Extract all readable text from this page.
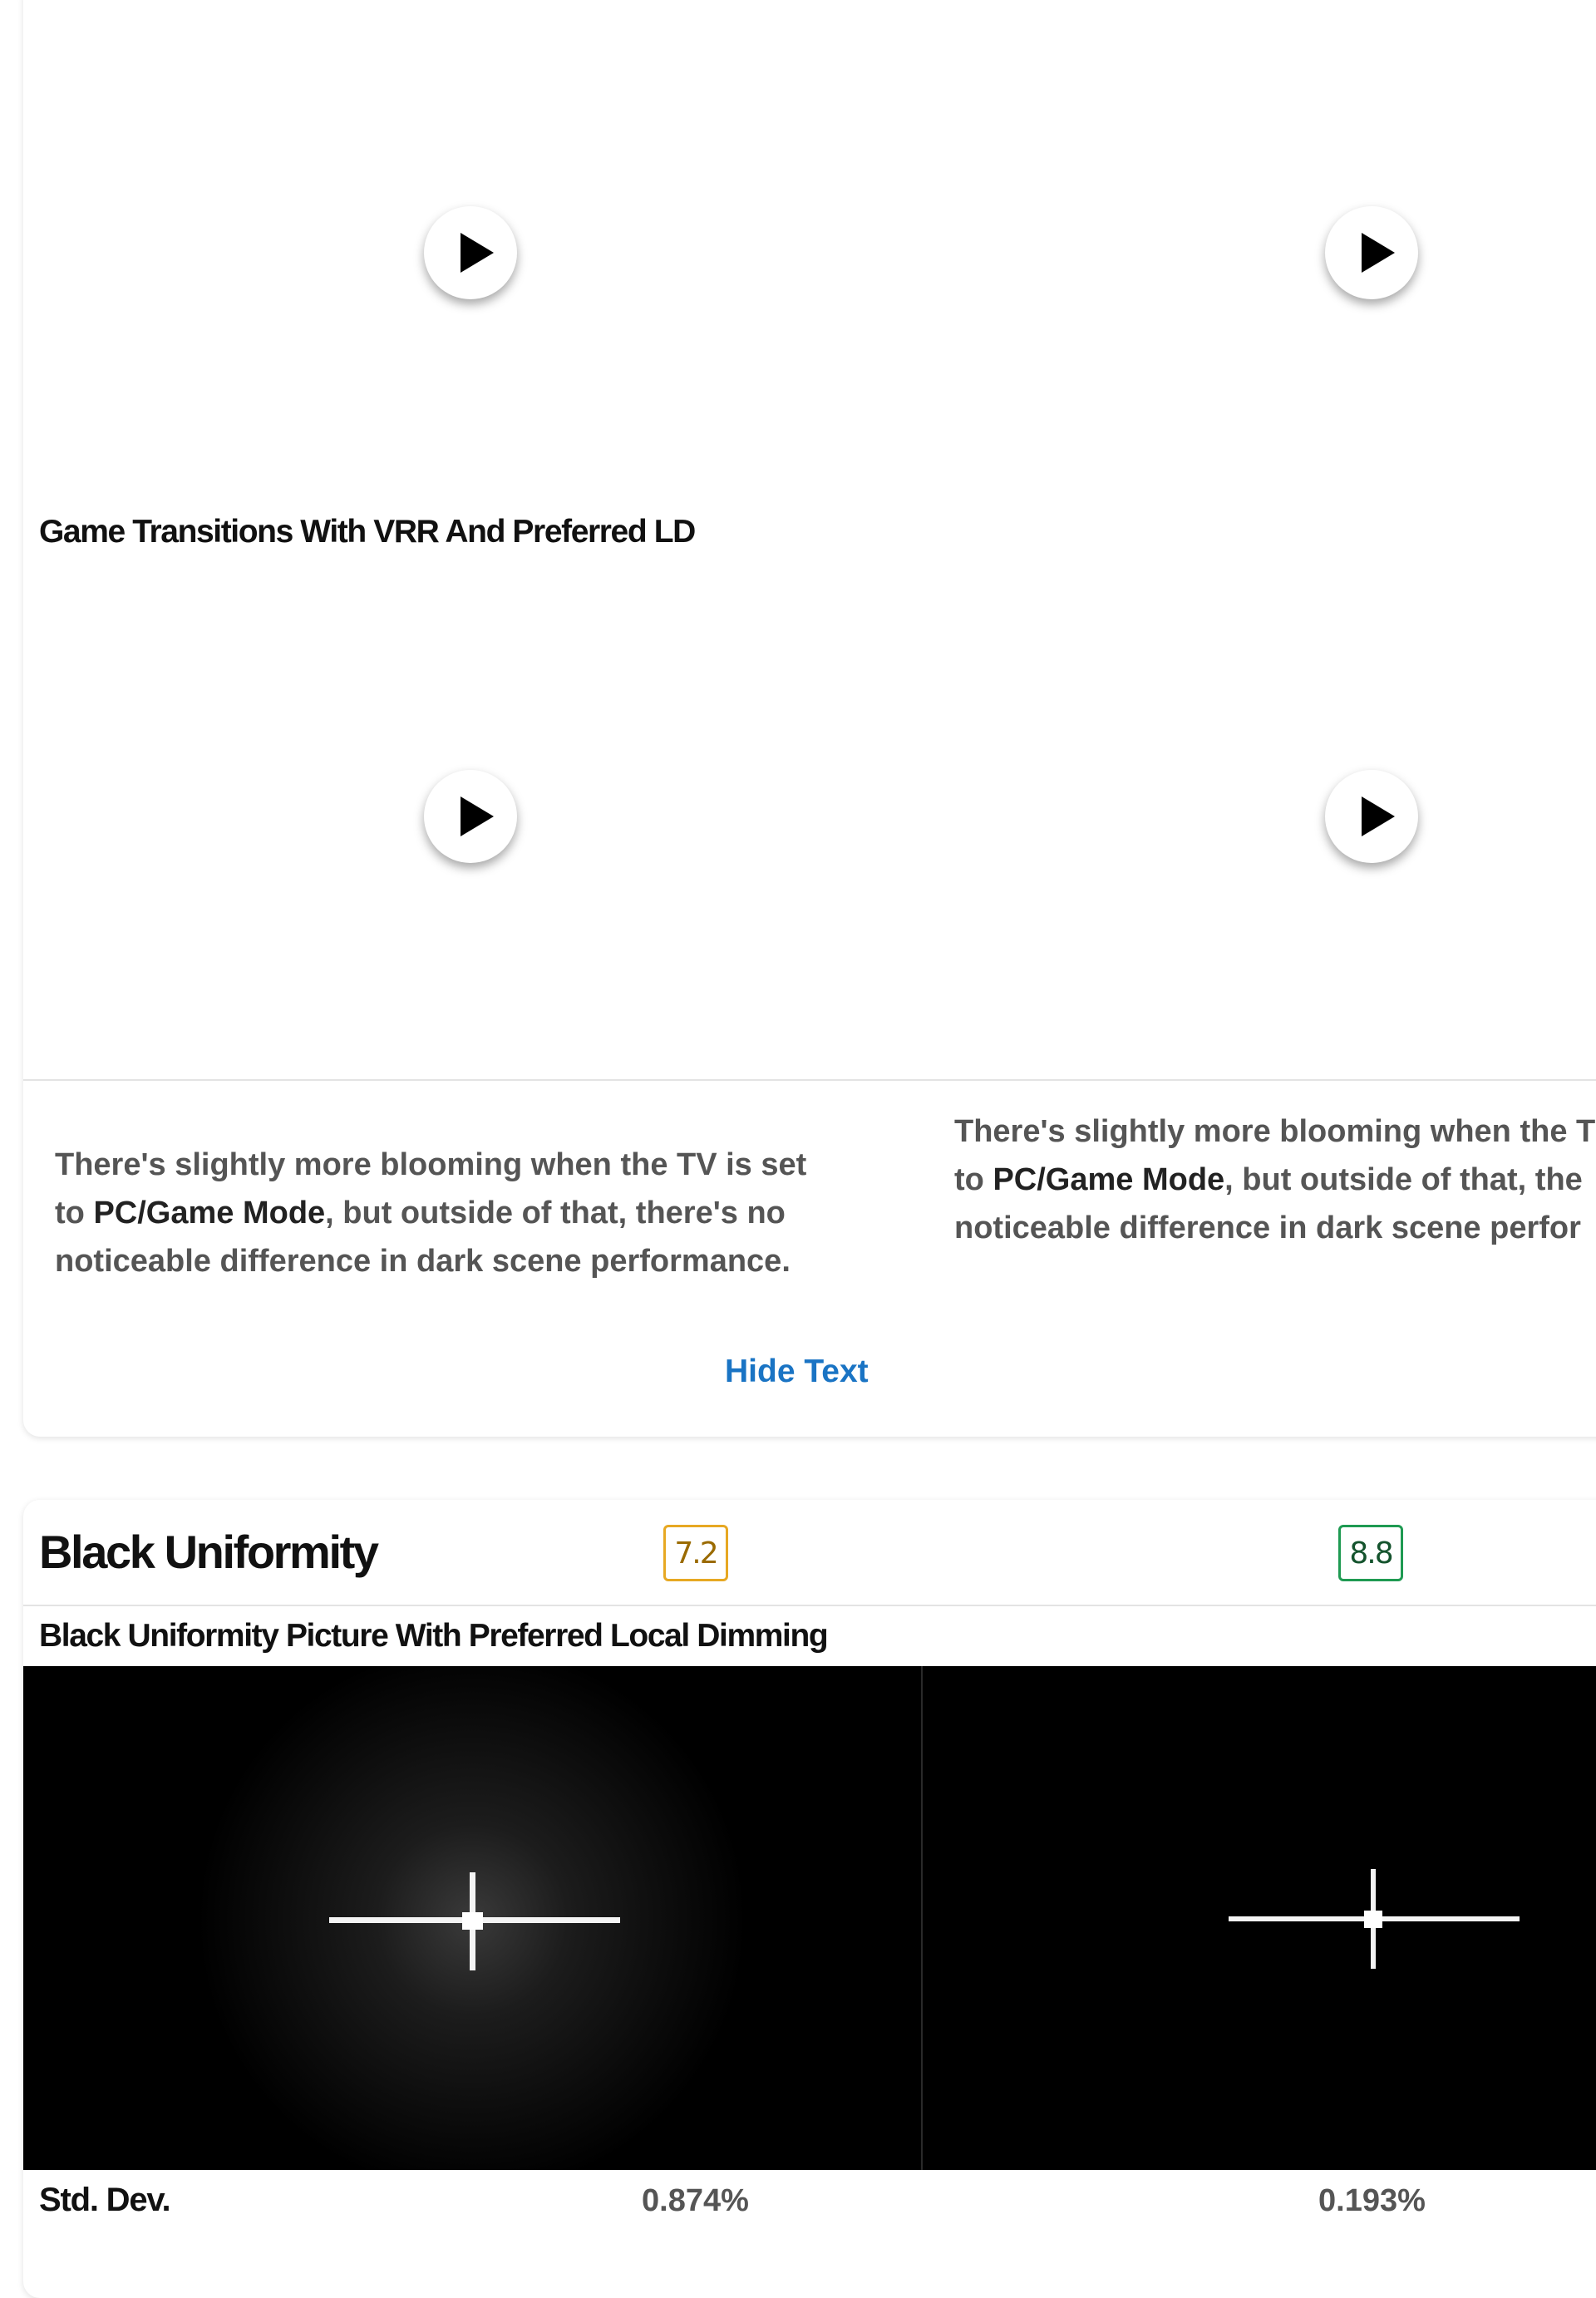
Game Transitions With VRR And Preferred LD
There's slightly more blooming when the TV is set
to PC/Game Mode, but outside of that, there's no
noticeable difference in dark scene performance.
There's slightly more blooming when the T
to PC/Game Mode, but outside of that, the
noticeable difference in dark scene perfor
Hide Text
Black Uniformity	7.2	8.8
Black Uniformity Picture With Preferred Local Dimming
Std. Dev.	0.874%	0.193%
